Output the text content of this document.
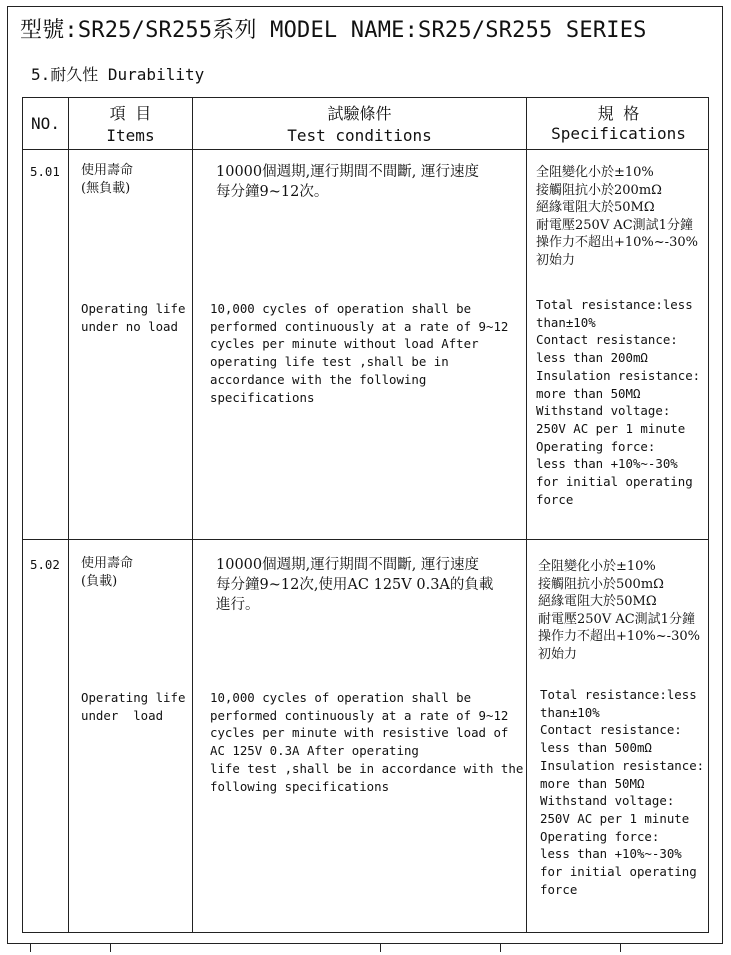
型號:SR25/SR255系列 MODEL NAME:SR25/SR255 SERIES
5.耐久性 Durability
NO.
項 目
Items
試驗條件
Test conditions
規 格
Specifications
5.01 使用壽命
(無負載)
10000個週期,運行期間不間斷, 運行速度
每分鐘9~12次。
全阻變化小於±10%
接觸阻抗小於200mΩ
絕緣電阻大於50MΩ
耐電壓250V AC測試1分鐘
操作力不超出+10%~-30%
初始力
Operating life
under no load
10,000 cycles of operation shall be
performed continuously at a rate of 9~12
cycles per minute without load After
operating life test ,shall be in
accordance with the following
specifications
Total resistance:less
than±10%
Contact resistance:
less than 200mΩ
Insulation resistance:
more than 50MΩ
Withstand voltage:
250V AC per 1 minute
Operating force:
less than +10%~-30%
for initial operating
force
5.02 使用壽命
(負載)
10000個週期,運行期間不間斷, 運行速度
每分鐘9~12次,使用AC 125V 0.3A的負載
進行。
全阻變化小於±10%
接觸阻抗小於500mΩ
絕緣電阻大於50MΩ
耐電壓250V AC測試1分鐘
操作力不超出+10%~-30%
初始力
Operating life
under  load
10,000 cycles of operation shall be
performed continuously at a rate of 9~12
cycles per minute with resistive load of
AC 125V 0.3A After operating
life test ,shall be in accordance with the
following specifications
Total resistance:less
than±10%
Contact resistance:
less than 500mΩ
Insulation resistance:
more than 50MΩ
Withstand voltage:
250V AC per 1 minute
Operating force:
less than +10%~-30%
for initial operating
force
